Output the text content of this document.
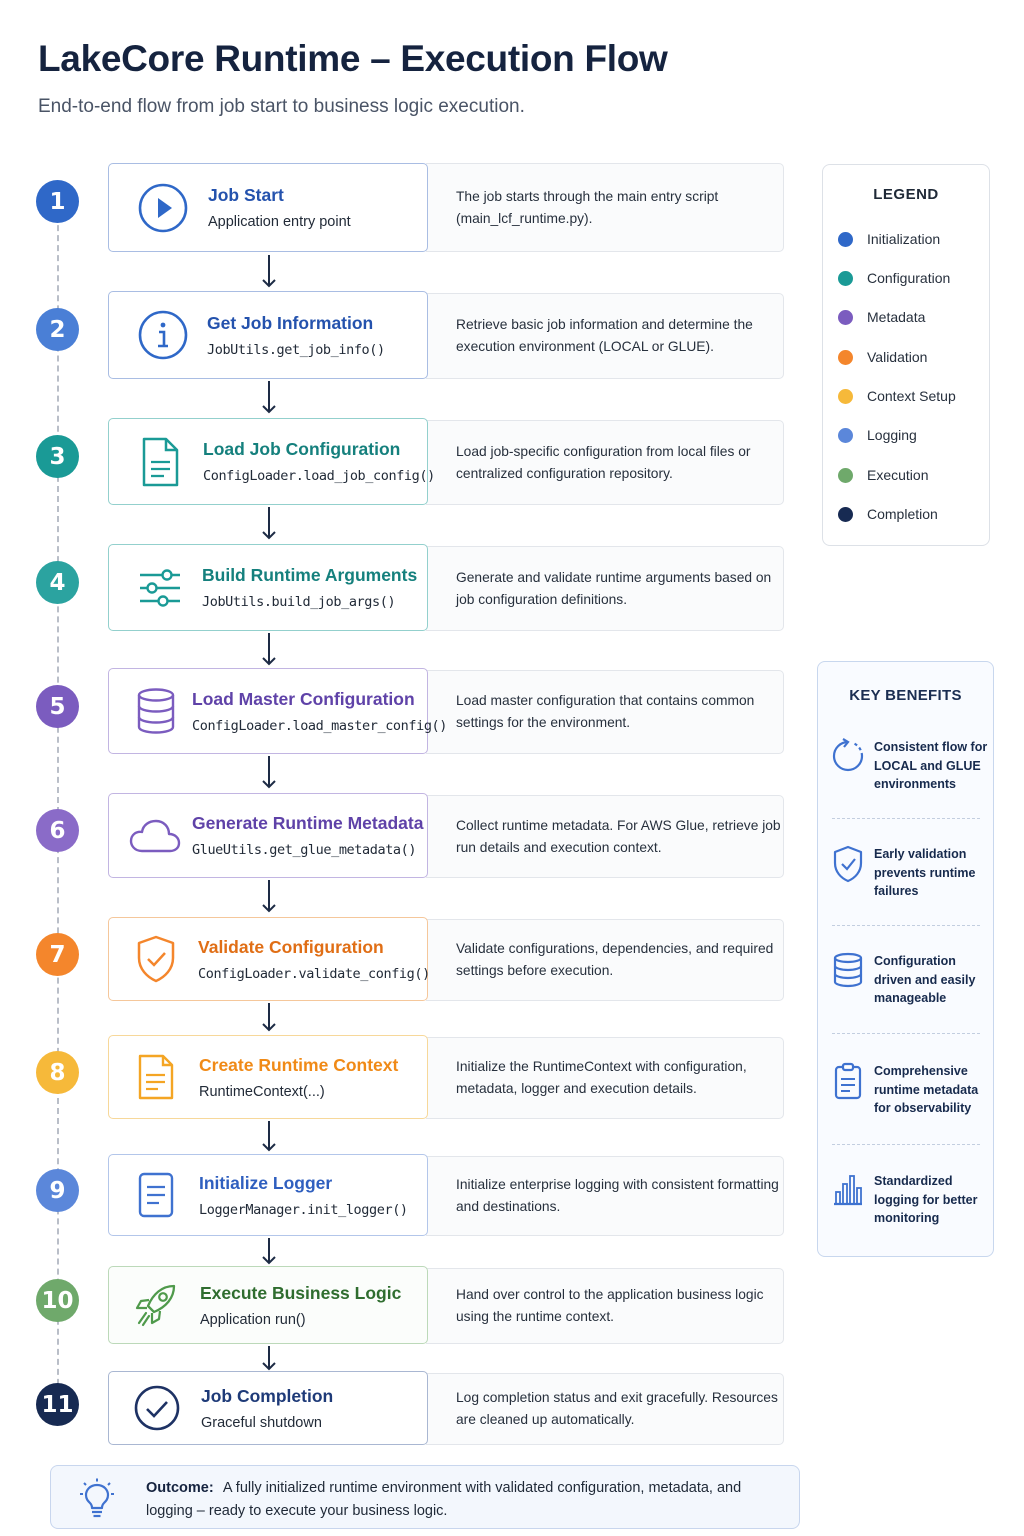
LakeCore Runtime – Execution Flow
End-to-end flow from job start to business logic execution.
1	Job Start
Application entry point
The job starts through the main entry script (main_lcf_runtime.py).
2	Get Job Information
JobUtils.get_job_info()
Retrieve basic job information and determine the execution environment (LOCAL or GLUE).
3	Load Job Configuration
ConfigLoader.load_job_config()
Load job-specific configuration from local files or centralized configuration repository.
4	Build Runtime Arguments
JobUtils.build_job_args()
Generate and validate runtime arguments based on job configuration definitions.
5	Load Master Configuration
ConfigLoader.load_master_config()
Load master configuration that contains common settings for the environment.
6	Generate Runtime Metadata
GlueUtils.get_glue_metadata()
Collect runtime metadata. For AWS Glue, retrieve job run details and execution context.
7	Validate Configuration
ConfigLoader.validate_config()
Validate configurations, dependencies, and required settings before execution.
8	Create Runtime Context
RuntimeContext(...)
Initialize the RuntimeContext with configuration, metadata, logger and execution details.
9	Initialize Logger
LoggerManager.init_logger()
Initialize enterprise logging with consistent formatting and destinations.
10	Execute Business Logic
Application run()
Hand over control to the application business logic using the runtime context.
11	Job Completion
Graceful shutdown
Log completion status and exit gracefully. Resources are cleaned up automatically.
LEGEND
Initialization
Configuration
Metadata
Validation
Context Setup
Logging
Execution
Completion
KEY BENEFITS
Consistent flow for LOCAL and GLUE environments
Early validation prevents runtime failures
Configuration driven and easily manageable
Comprehensive runtime metadata for observability
Standardized logging for better monitoring
Outcome: A fully initialized runtime environment with validated configuration, metadata, and logging – ready to execute your business logic.
